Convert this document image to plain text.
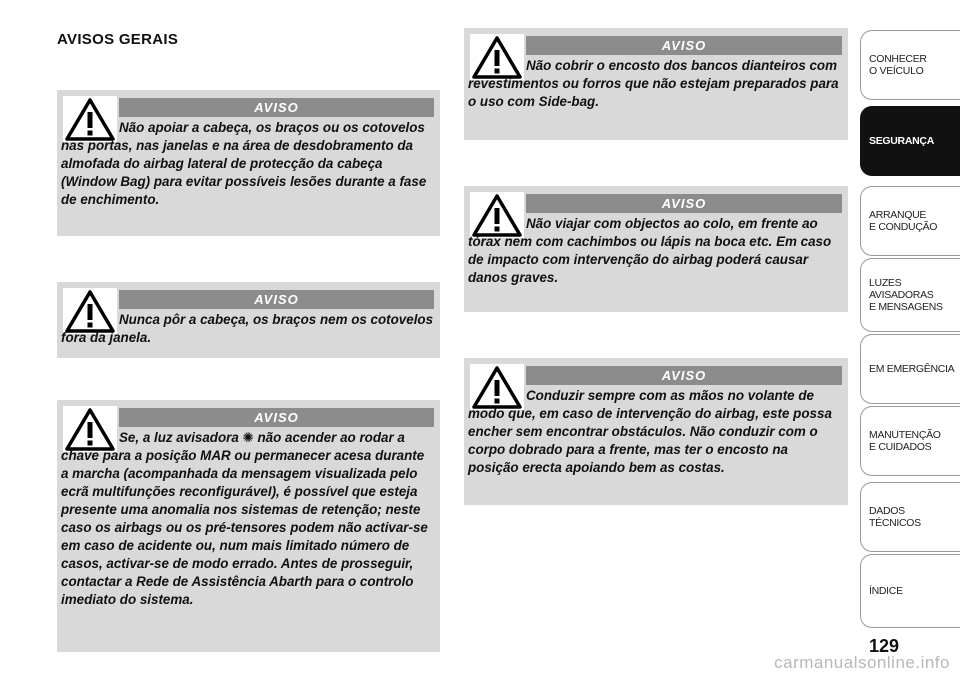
AVISOS GERAIS
AVISO

Não apoiar a cabeça, os braços ou os cotovelos nas portas, nas janelas e na área de desdobramento da almofada do airbag lateral de protecção da cabeça (Window Bag) para evitar possíveis lesões durante a fase de enchimento.

AVISO

Nunca pôr a cabeça, os braços nem os cotovelos fora da janela.

AVISO

Se, a luz avisadora ✺ não acender ao rodar a chave para a posição MAR ou permanecer acesa durante a marcha (acompanhada da mensagem visualizada pelo ecrã multifunções reconfiguráveI), é possível que esteja presente uma anomalia nos sistemas de retenção; neste caso os airbags ou os pré-tensores podem não activar-se em caso de acidente ou, num mais limitado número de casos, activar-se de modo errado. Antes de prosseguir, contactar a Rede de Assistência Abarth para o controlo imediato do sistema.

AVISO

Não cobrir o encosto dos bancos dianteiros com revestimentos ou forros que não estejam preparados para o uso com Side-bag.

AVISO

Não viajar com objectos ao colo, em frente ao tórax nem com cachimbos ou lápis na boca etc. Em caso de impacto com intervenção do airbag poderá causar danos graves.

AVISO

Conduzir sempre com as mãos no volante de modo que, em caso de intervenção do airbag, este possa encher sem encontrar obstáculos. Não conduzir com o corpo dobrado para a frente, mas ter o encosto na posição erecta apoiando bem as costas.

CONHECER
O VEÍCULO
SEGURANÇA
ARRANQUE
E CONDUÇÃO
LUZES
AVISADORAS
E MENSAGENS
EM EMERGÊNCIA
MANUTENÇÃO
E CUIDADOS
DADOS
TÉCNICOS
ÍNDICE
129
carmanualsonline.info
